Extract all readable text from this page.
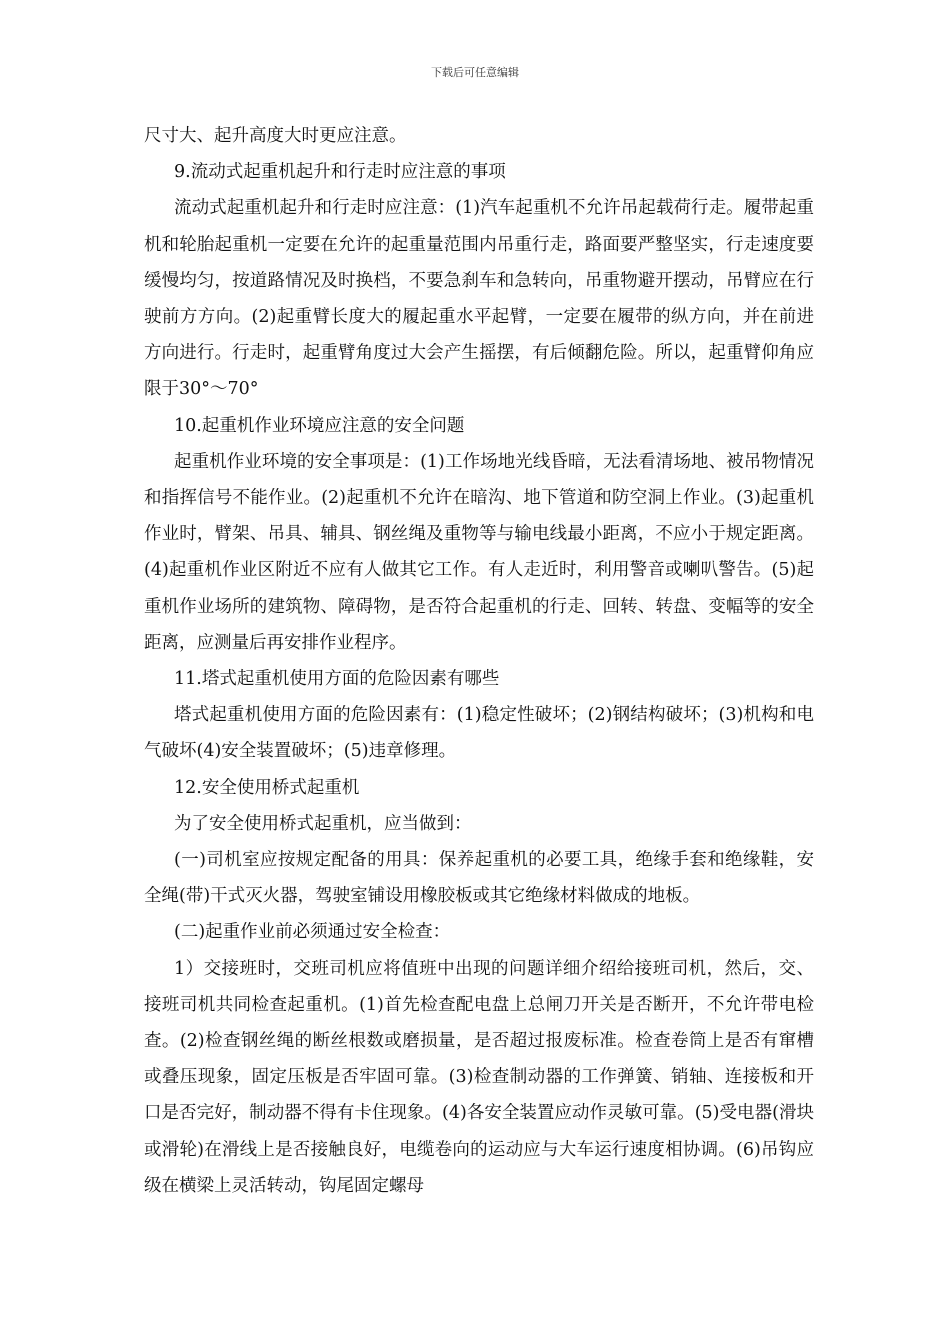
下载后可任意编辑

尺寸大、起升高度大时更应注意。

9.流动式起重机起升和行走时应注意的事项

流动式起重机起升和行走时应注意：(1)汽车起重机不允许吊起载荷行走。履带起重机和轮胎起重机一定要在允许的起重量范围内吊重行走，路面要严整坚实，行走速度要缓慢均匀，按道路情况及时换档，不要急刹车和急转向，吊重物避开摆动，吊臂应在行驶前方方向。(2)起重臂长度大的履起重水平起臂，一定要在履带的纵方向，并在前进方向进行。行走时，起重臂角度过大会产生摇摆，有后倾翻危险。所以，起重臂仰角应限于30°～70°

10.起重机作业环境应注意的安全问题

起重机作业环境的安全事项是：(1)工作场地光线昏暗，无法看清场地、被吊物情况和指挥信号不能作业。(2)起重机不允许在暗沟、地下管道和防空洞上作业。(3)起重机作业时，臂架、吊具、辅具、钢丝绳及重物等与输电线最小距离，不应小于规定距离。(4)起重机作业区附近不应有人做其它工作。有人走近时，利用警音或喇叭警告。(5)起重机作业场所的建筑物、障碍物，是否符合起重机的行走、回转、转盘、变幅等的安全距离，应测量后再安排作业程序。

11.塔式起重机使用方面的危险因素有哪些

塔式起重机使用方面的危险因素有：(1)稳定性破坏；(2)钢结构破坏；(3)机构和电气破坏(4)安全装置破坏；(5)违章修理。

12.安全使用桥式起重机

为了安全使用桥式起重机，应当做到：

(一)司机室应按规定配备的用具：保养起重机的必要工具，绝缘手套和绝缘鞋，安全绳(带)干式灭火器，驾驶室铺设用橡胶板或其它绝缘材料做成的地板。

(二)起重作业前必须通过安全检查：

1）交接班时，交班司机应将值班中出现的问题详细介绍给接班司机，然后，交、接班司机共同检查起重机。(1)首先检查配电盘上总闸刀开关是否断开，不允许带电检查。(2)检查钢丝绳的断丝根数或磨损量，是否超过报废标准。检查卷筒上是否有窜槽或叠压现象，固定压板是否牢固可靠。(3)检查制动器的工作弹簧、销轴、连接板和开口是否完好，制动器不得有卡住现象。(4)各安全装置应动作灵敏可靠。(5)受电器(滑块或滑轮)在滑线上是否接触良好，电缆卷向的运动应与大车运行速度相协调。(6)吊钩应级在横梁上灵活转动，钩尾固定螺母
